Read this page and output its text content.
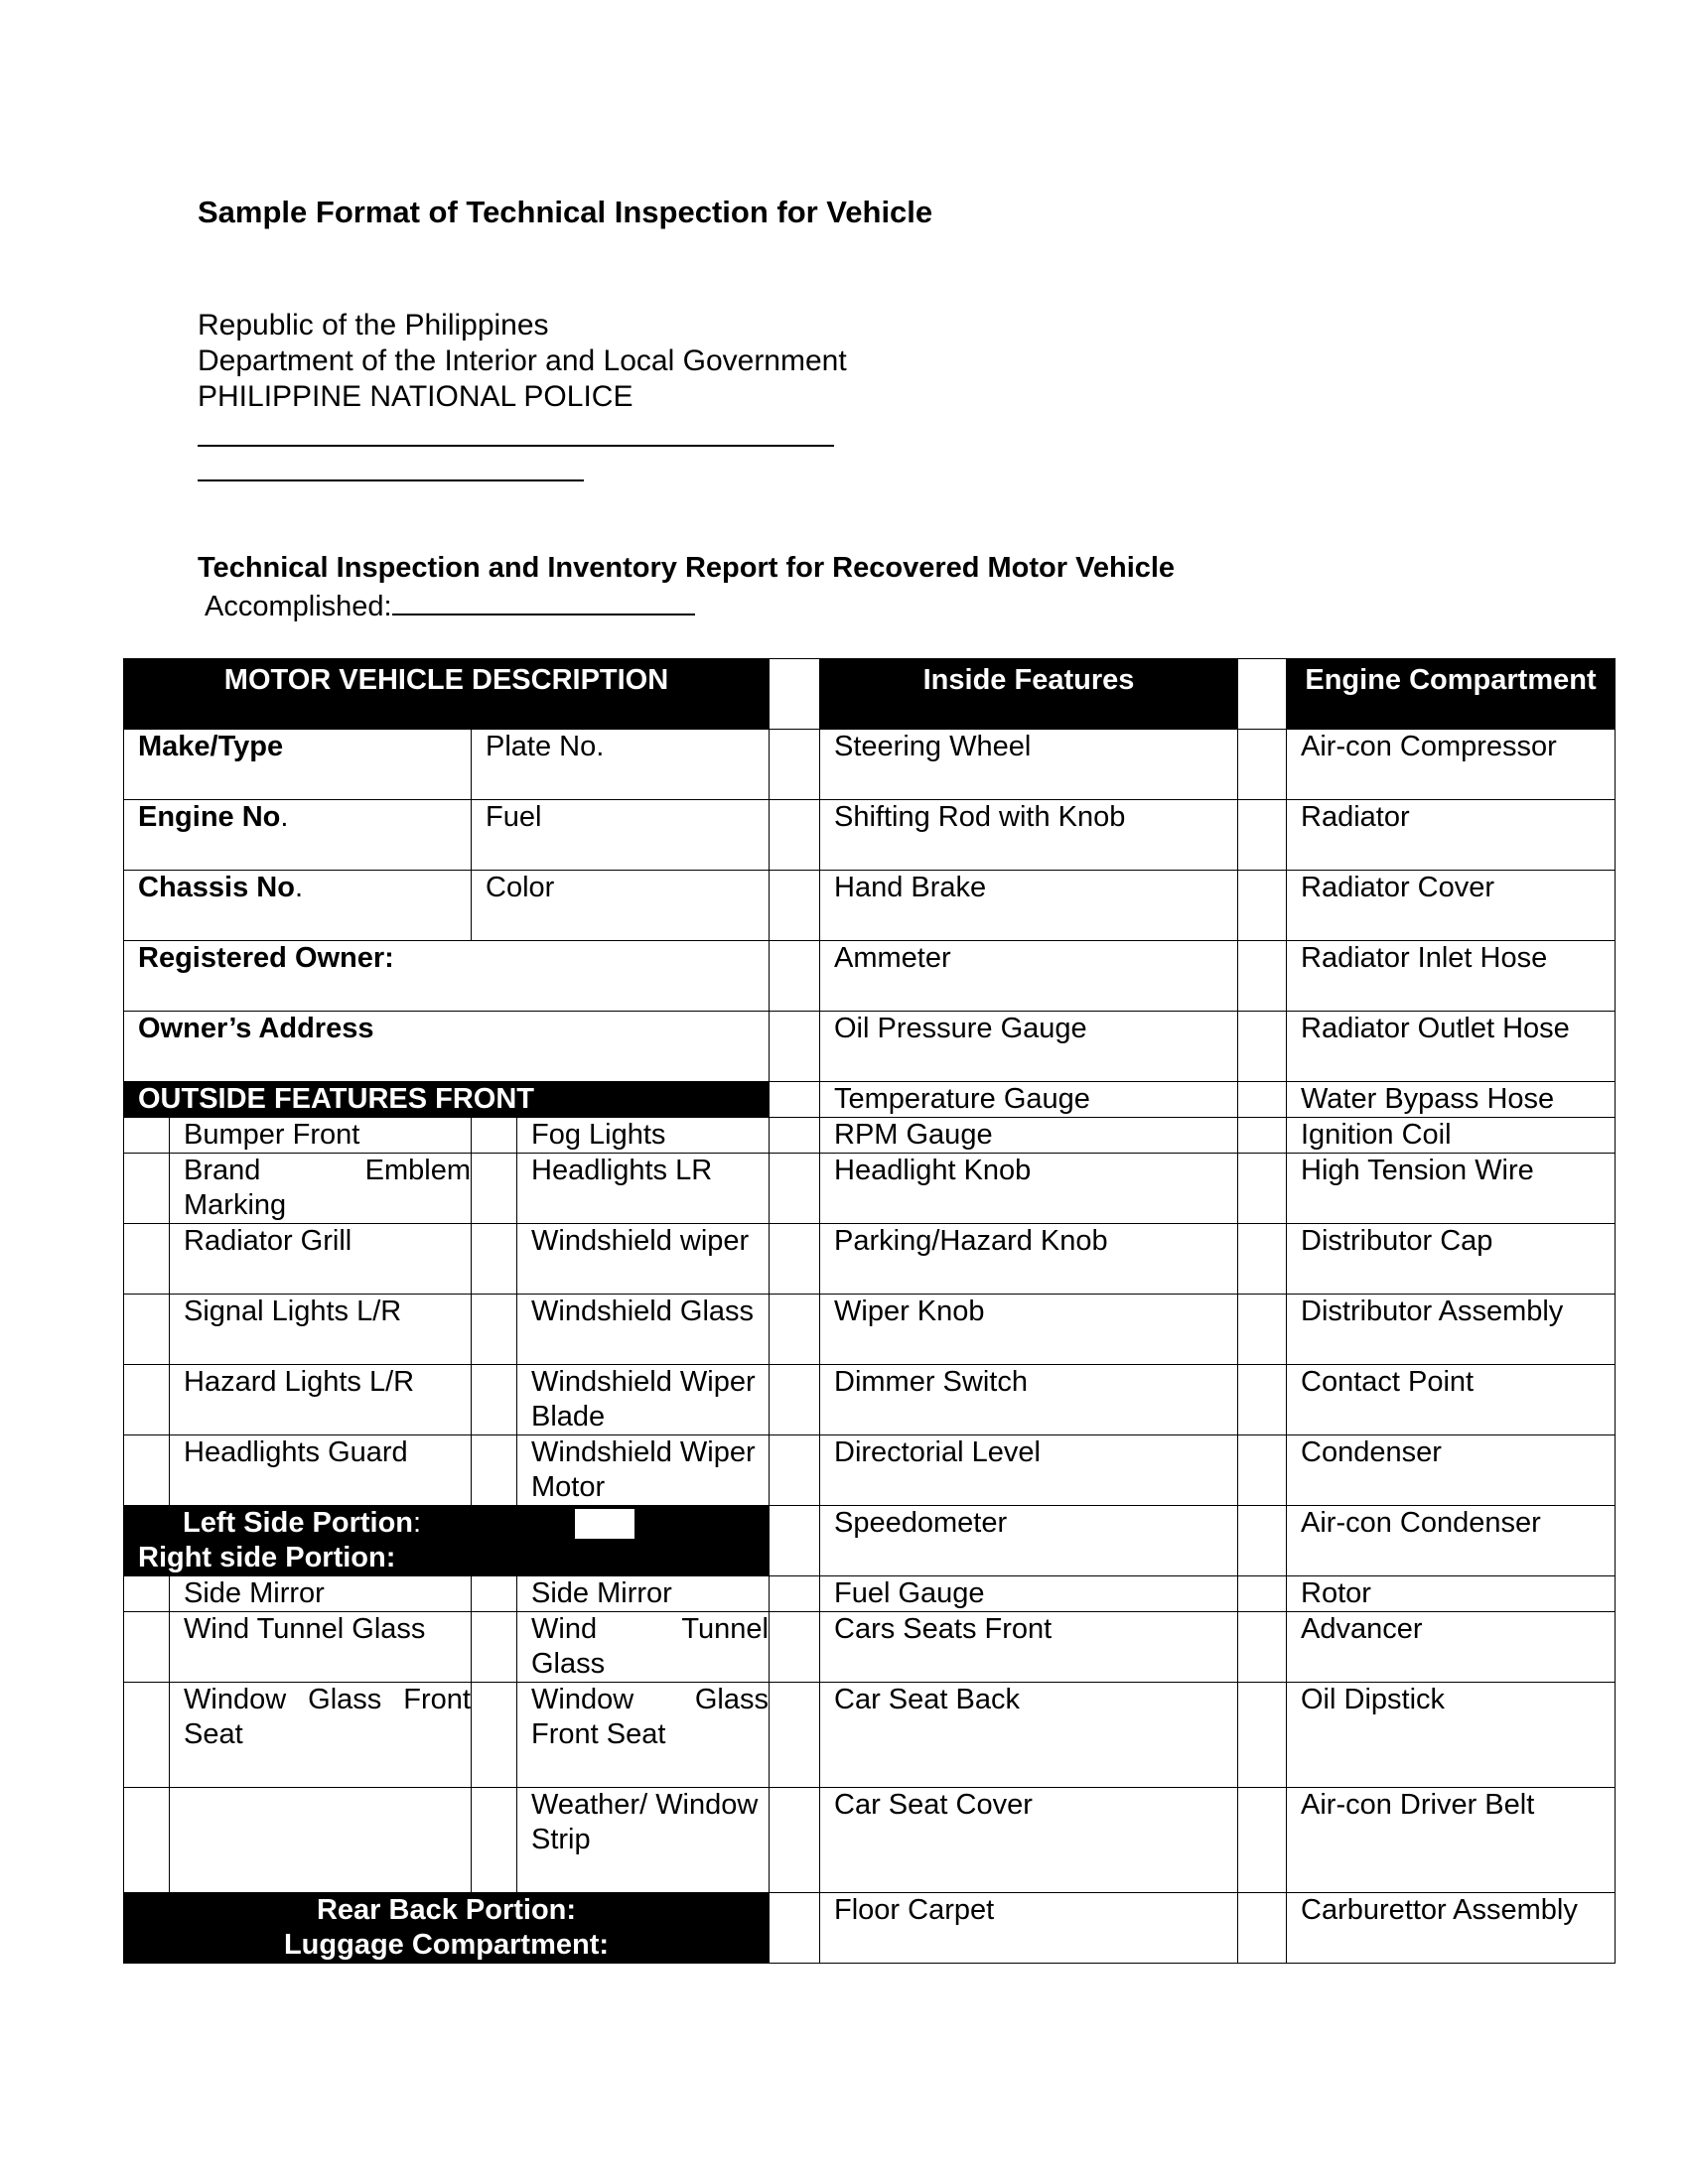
Sample Format of Technical Inspection for Vehicle
Republic of the Philippines
Department of the Interior and Local Government
PHILIPPINE NATIONAL POLICE
Technical Inspection and Inventory Report for Recovered Motor Vehicle
Accomplished:
MOTOR VEHICLE DESCRIPTION					Inside Features		Engine Compartment
Make/Type		Plate No.			Steering Wheel		Air-con Compressor
Engine No.		Fuel			Shifting Rod with Knob		Radiator
Chassis No.		Color			Hand Brake		Radiator Cover
Registered Owner:					Ammeter		Radiator Inlet Hose
Owner’s Address					Oil Pressure Gauge		Radiator Outlet Hose
OUTSIDE FEATURES FRONT					Temperature Gauge		Water Bypass Hose
	Bumper Front		Fog Lights		RPM Gauge		Ignition Coil
	Brand Emblem Marking		Headlights LR		Headlight Knob		High Tension Wire
	Radiator Grill		Windshield wiper		Parking/Hazard Knob		Distributor Cap
	Signal Lights L/R		Windshield Glass		Wiper Knob		Distributor Assembly
	Hazard Lights L/R		Windshield Wiper Blade		Dimmer Switch		Contact Point
	Headlights Guard		Windshield Wiper Motor		Directorial Level		Condenser

Left Side Portion:
Right side Portion:					Speedometer		Air-con Condenser
	Side Mirror		Side Mirror		Fuel Gauge		Rotor
	Wind Tunnel Glass		Wind Tunnel Glass		Cars Seats Front		Advancer
	Window Glass Front Seat		Window Glass Front Seat		Car Seat Back		Oil Dipstick
			Weather/ Window Strip		Car Seat Cover		Air-con Driver Belt

Rear Back Portion:
Luggage Compartment:					Floor Carpet		Carburettor Assembly
